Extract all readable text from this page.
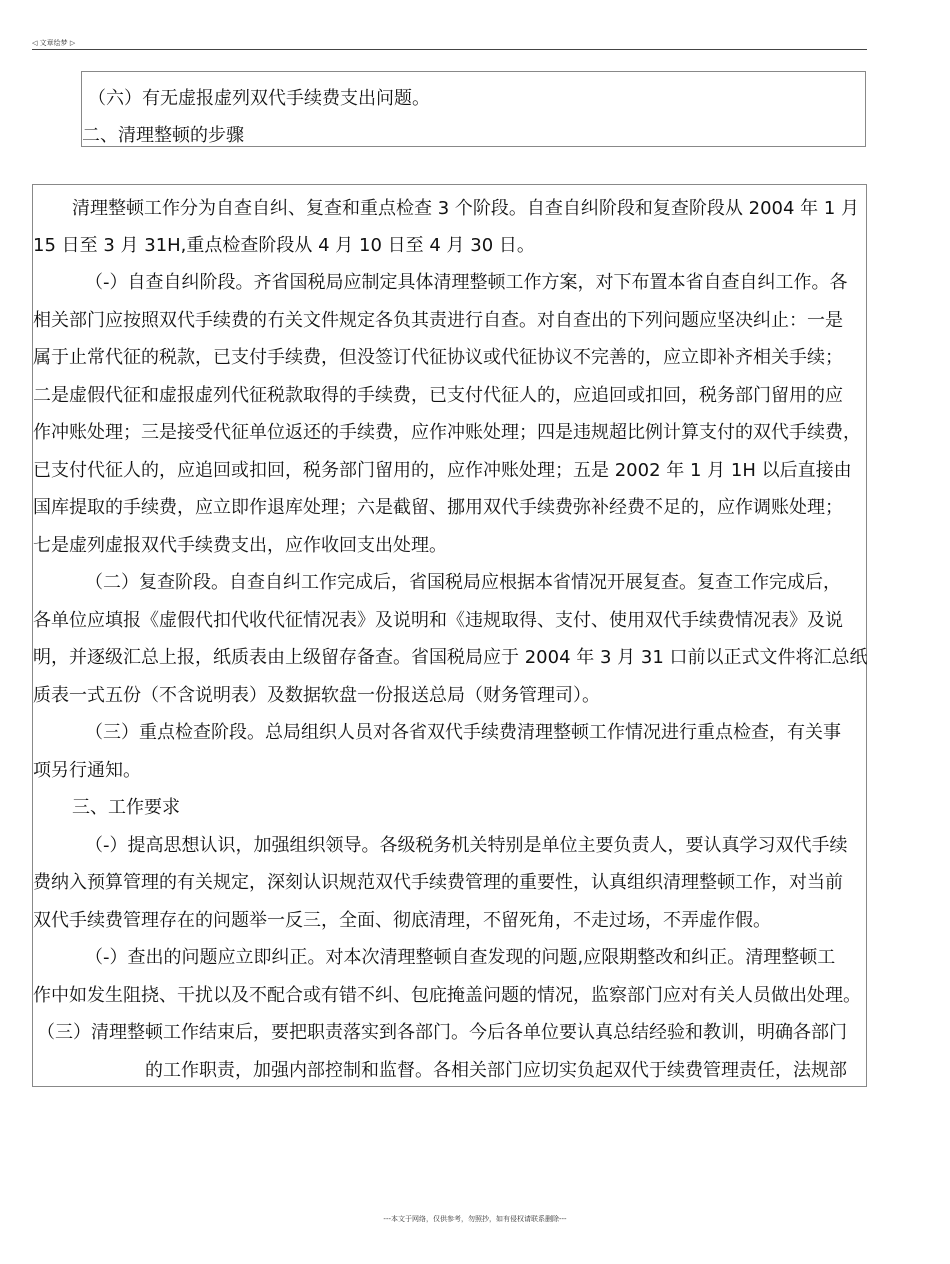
◁ 文章绘梦 ▷
（六）有无虚报虚列双代手续费支出问题。
二、清理整顿的步骤
清理整顿工作分为自查自纠、复查和重点检查 3 个阶段。自查自纠阶段和复查阶段从 2004 年 1 月
15 日至 3 月 31H,重点检查阶段从 4 月 10 日至 4 月 30 日。
（-）自查自纠阶段。齐省国税局应制定具体清理整顿工作方案，对下布置本省自查自纠工作。各
相关部门应按照双代手续费的冇关文件规定各负其责进行自查。对自查出的下列问题应坚决纠止：一是
属于止常代征的税款，已支付手续费，但没签订代征协议或代征协议不完善的，应立即补齐相关手续；
二是虚假代征和虚报虚列代征税款取得的手续费，已支付代征人的，应追回或扣回，税务部门留用的应
作冲账处理；三是接受代征单位返还的手续费，应作冲账处理；四是违规超比例计算支付的双代手续费，
已支付代征人的，应追回或扣回，税务部门留用的，应作冲账处理；五是 2002 年 1 月 1H 以后直接由
国库提取的手续费，应立即作退库处理；六是截留、挪用双代手续费弥补经费不足的，应作调账处理；
七是虚列虚报双代手续费支出，应作收回支出处理。
（二）复查阶段。自查自纠工作完成后，省国税局应根据本省情况开展复查。复查工作完成后，
各单位应填报《虚假代扣代收代征情况表》及说明和《违规取得、支付、使用双代手续费情况表》及说
明，并逐级汇总上报，纸质表由上级留存备查。省国税局应于 2004 年 3 月 31 口前以正式文件将汇总纸
质表一式五份（不含说明表）及数据软盘一份报送总局（财务管理司）。
（三）重点检查阶段。总局组织人员对各省双代手续费清理整顿工作情况进行重点检查，有关事
项另行通知。
三、工作要求
（-）提高思想认识，加强组织领导。各级税务机关特别是单位主要负责人，要认真学习双代手续
费纳入预算管理的有关规定，深刻认识规范双代手续费管理的重要性，认真组织清理整顿工作，对当前
双代手续费管理存在的问题举一反三，全面、彻底清理，不留死角，不走过场，不弄虚作假。
（-）查出的问题应立即纠正。对本次清理整顿自查发现的问题,应限期整改和纠正。清理整顿工
作中如发生阻挠、干扰以及不配合或有错不纠、包庇掩盖问题的情况，监察部门应对有关人员做出处理。
（三）清理整顿工作结束后，要把职责落实到各部门。今后各单位要认真总结经验和教训，明确各部门
的工作职责，加强内部控制和监督。各相关部门应切实负起双代于续费管理责任，法规部
---本文于网络，仅供参考，勿照抄，如有侵权请联系删除---
